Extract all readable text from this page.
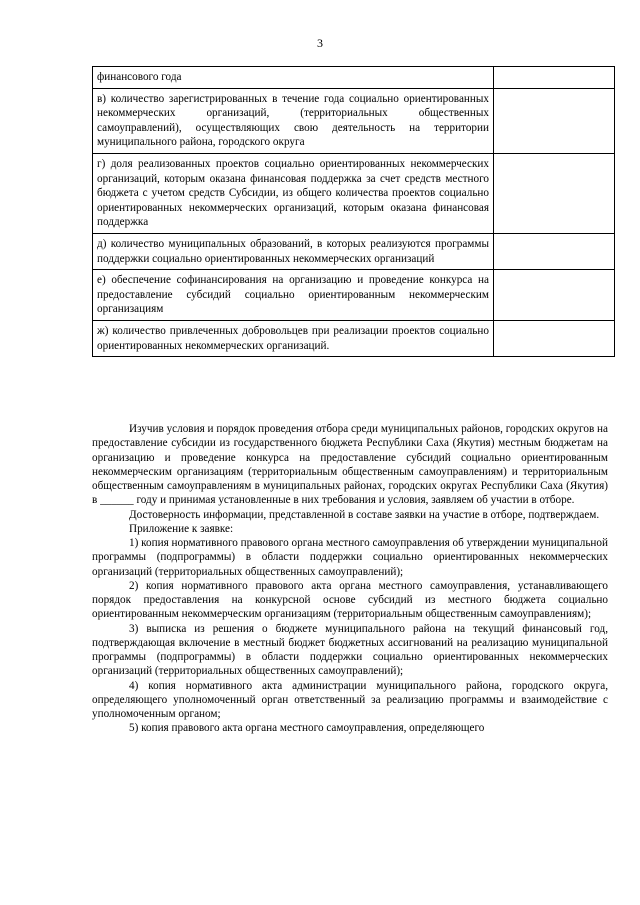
3
финансового года	
в) количество зарегистрированных в течение года социально ориентированных некоммерческих организаций, (территориальных общественных самоуправлений), осуществляющих свою деятельность на территории муниципального района, городского округа	
г) доля реализованных проектов социально ориентированных некоммерческих организаций, которым оказана финансовая поддержка за счет средств местного бюджета с учетом средств Субсидии, из общего количества проектов социально ориентированных некоммерческих организаций, которым оказана финансовая поддержка	
д) количество муниципальных образований, в которых реализуются программы поддержки социально ориентированных некоммерческих организаций	
е) обеспечение софинансирования на организацию и проведение конкурса на предоставление субсидий социально ориентированным некоммерческим организациям	
ж) количество привлеченных добровольцев при реализации проектов социально ориентированных некоммерческих организаций.	

Изучив условия и порядок проведения отбора среди муниципальных районов, городских округов на предоставление субсидии из государственного бюджета Республики Саха (Якутия) местным бюджетам на организацию и проведение конкурса на предоставление субсидий социально ориентированным некоммерческим организациям (территориальным общественным самоуправлениям) и территориальным общественным самоуправлениям в муниципальных районах, городских округах Республики Саха (Якутия) в ______ году и принимая установленные в них требования и условия, заявляем об участии в отборе.

Достоверность информации, представленной в составе заявки на участие в отборе, подтверждаем.

Приложение к заявке:

1) копия нормативного правового органа местного самоуправления об утверждении муниципальной программы (подпрограммы) в области поддержки социально ориентированных некоммерческих организаций (территориальных общественных самоуправлений);

2) копия нормативного правового акта органа местного самоуправления, устанавливающего порядок предоставления на конкурсной основе субсидий из местного бюджета социально ориентированным некоммерческим организациям (территориальным общественным самоуправлениям);

3) выписка из решения о бюджете муниципального района на текущий финансовый год, подтверждающая включение в местный бюджет бюджетных ассигнований на реализацию муниципальной программы (подпрограммы) в области поддержки социально ориентированных некоммерческих организаций (территориальных общественных самоуправлений);

4) копия нормативного акта администрации муниципального района, городского округа, определяющего уполномоченный орган ответственный за реализацию программы и взаимодействие с уполномоченным органом;

5) копия правового акта органа местного самоуправления, определяющего
